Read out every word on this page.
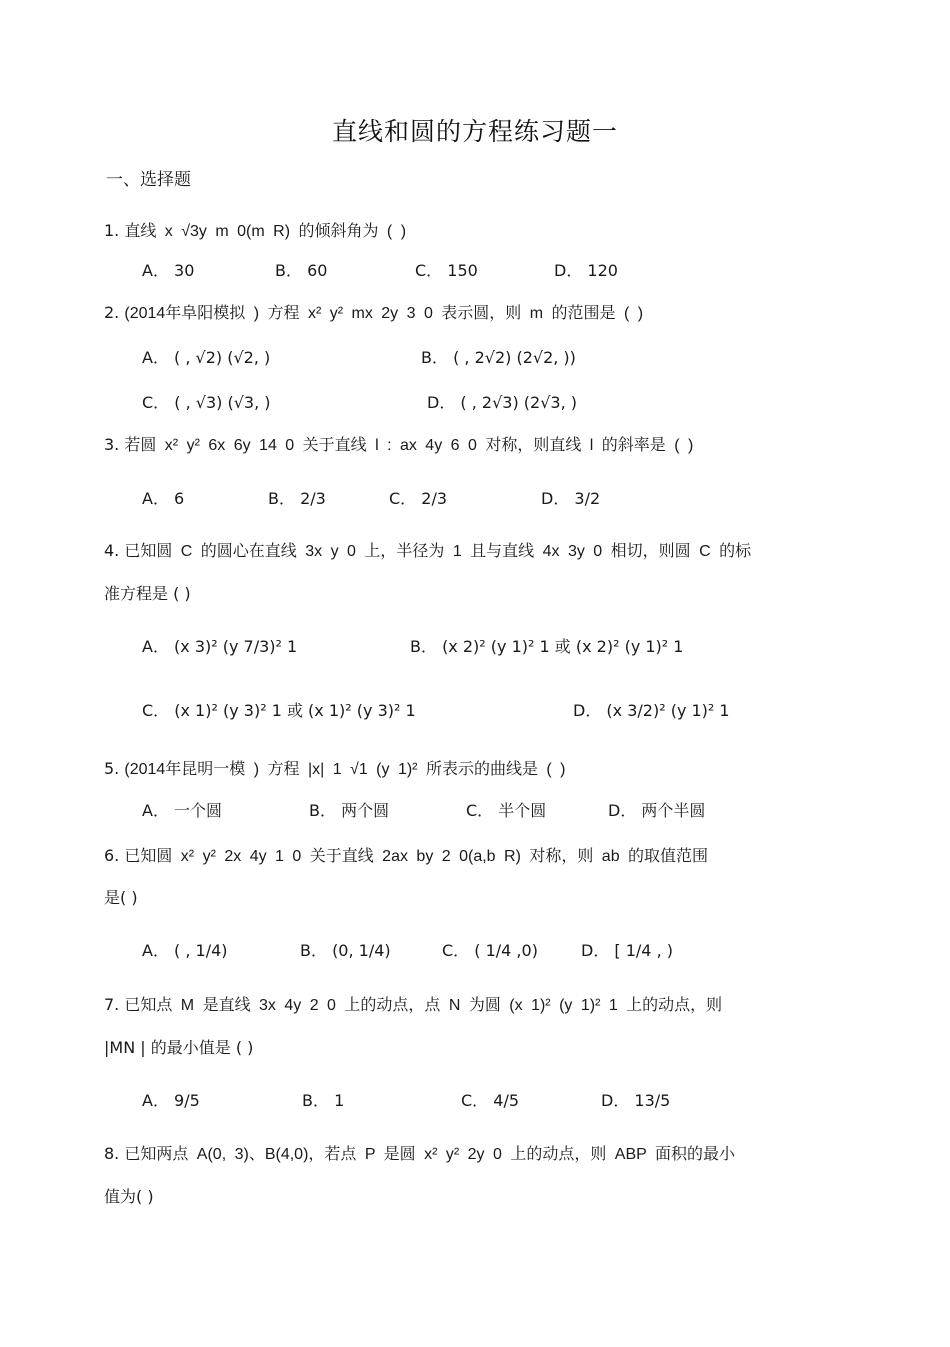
直线和圆的方程练习题一
一、选择题
1. 直线 x √3y m 0(m R) 的倾斜角为 ( )
A． 30	B． 60	C． 150	D． 120
2. (2014年阜阳模拟 ) 方程 x² y² mx 2y 3 0 表示圆，则 m 的范围是 ( )
A． ( , √2) (√2, )	B． ( , 2√2) (2√2, ))
C． ( , √3) (√3, )	D． ( , 2√3) (2√3, )
3. 若圆 x² y² 6x 6y 14 0 关于直线 l : ax 4y 6 0 对称，则直线 l 的斜率是 ( )
A． 6	B． 2/3	C． 2/3	D． 3/2
4. 已知圆 C 的圆心在直线 3x y 0 上，半径为 1 且与直线 4x 3y 0 相切，则圆 C 的标
准方程是 ( )
A． (x 3)² (y 7/3)² 1	B． (x 2)² (y 1)² 1 或 (x 2)² (y 1)² 1
C． (x 1)² (y 3)² 1 或 (x 1)² (y 3)² 1	D． (x 3/2)² (y 1)² 1
5. (2014年昆明一模 ) 方程 |x| 1 √1 (y 1)² 所表示的曲线是 ( )
A． 一个圆	B． 两个圆	C． 半个圆	D． 两个半圆
6. 已知圆 x² y² 2x 4y 1 0 关于直线 2ax by 2 0(a,b R) 对称，则 ab 的取值范围
是( )
A． ( , 1/4)	B． (0, 1/4)	C． ( 1/4 ,0)	D． [ 1/4 , )
7. 已知点 M 是直线 3x 4y 2 0 上的动点，点 N 为圆 (x 1)² (y 1)² 1 上的动点，则
|MN | 的最小值是 ( )
A． 9/5	B． 1	C． 4/5	D． 13/5
8. 已知两点 A(0, 3)、B(4,0)，若点 P 是圆 x² y² 2y 0 上的动点，则 ABP 面积的最小
值为( )
